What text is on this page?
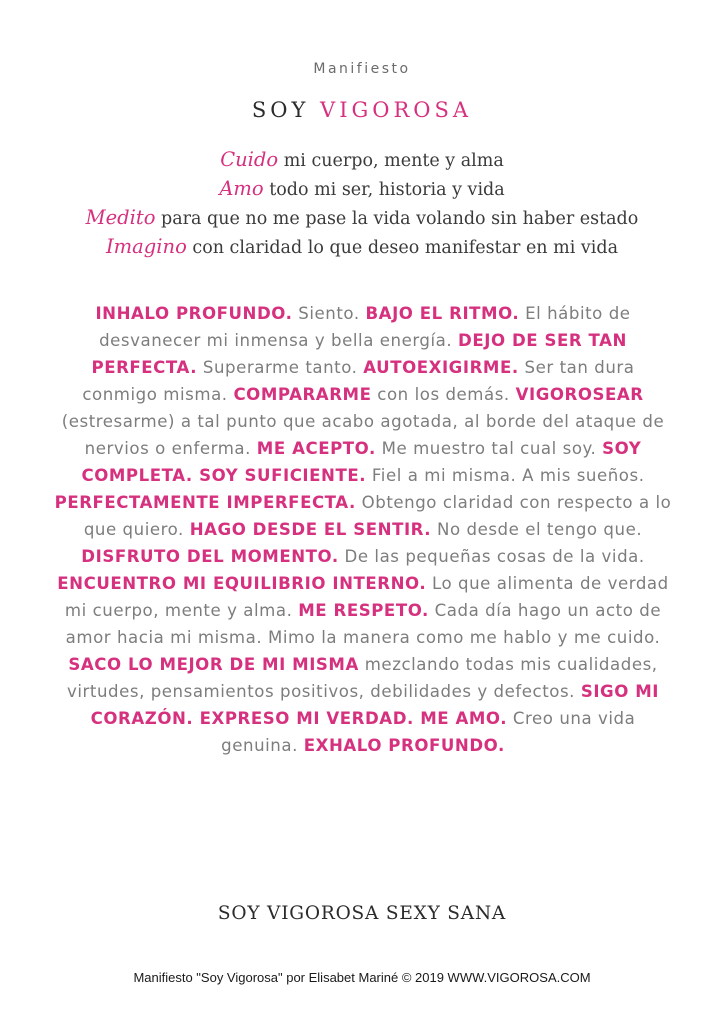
Manifiesto
SOY VIGOROSA
Cuido mi cuerpo, mente y alma
Amo todo mi ser, historia y vida
Medito para que no me pase la vida volando sin haber estado
Imagino con claridad lo que deseo manifestar en mi vida
INHALO PROFUNDO. Siento. BAJO EL RITMO. El hábito de desvanecer mi inmensa y bella energía. DEJO DE SER TAN PERFECTA. Superarme tanto. AUTOEXIGIRME. Ser tan dura conmigo misma. COMPARARME con los demás. VIGOROSEAR (estresarme) a tal punto que acabo agotada, al borde del ataque de nervios o enferma. ME ACEPTO. Me muestro tal cual soy. SOY COMPLETA. SOY SUFICIENTE. Fiel a mi misma. A mis sueños. PERFECTAMENTE IMPERFECTA. Obtengo claridad con respecto a lo que quiero. HAGO DESDE EL SENTIR. No desde el tengo que. DISFRUTO DEL MOMENTO. De las pequeñas cosas de la vida. ENCUENTRO MI EQUILIBRIO INTERNO. Lo que alimenta de verdad mi cuerpo, mente y alma. ME RESPETO. Cada día hago un acto de amor hacia mi misma. Mimo la manera como me hablo y me cuido. SACO LO MEJOR DE MI MISMA mezclando todas mis cualidades, virtudes, pensamientos positivos, debilidades y defectos. SIGO MI CORAZÓN. EXPRESO MI VERDAD. ME AMO. Creo una vida genuina. EXHALO PROFUNDO.
SOY VIGOROSA SEXY SANA
Manifiesto "Soy Vigorosa" por Elisabet Mariné © 2019 WWW.VIGOROSA.COM
